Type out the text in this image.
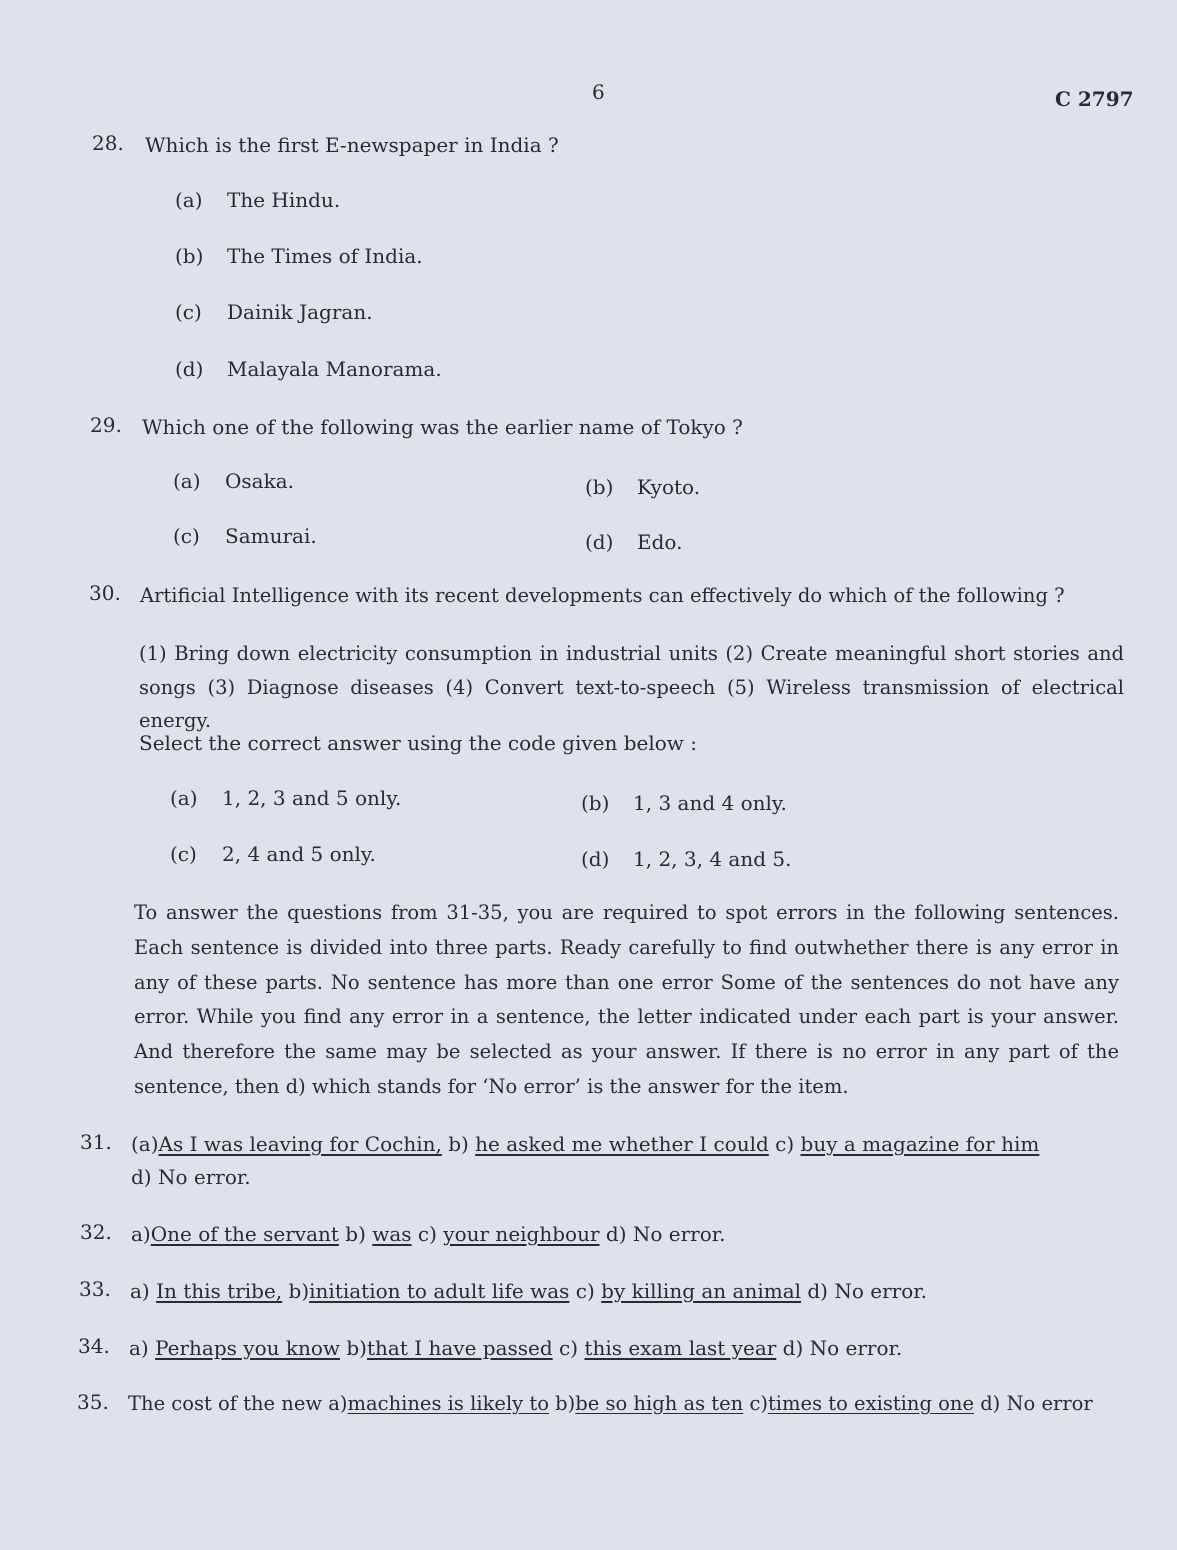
6	C 2797
28. Which is the first E-newspaper in India ?
(a) The Hindu.
(b) The Times of India.
(c) Dainik Jagran.
(d) Malayala Manorama.
29. Which one of the following was the earlier name of Tokyo ?
(a) Osaka.	(b) Kyoto.
(c) Samurai.	(d) Edo.
30. Artificial Intelligence with its recent developments can effectively do which of the following ?
(1) Bring down electricity consumption in industrial units (2) Create meaningful short stories and songs (3) Diagnose diseases (4) Convert text-to-speech (5) Wireless transmission of electrical energy.
Select the correct answer using the code given below :
(a) 1, 2, 3 and 5 only.	(b) 1, 3 and 4 only.
(c) 2, 4 and 5 only.	(d) 1, 2, 3, 4 and 5.
To answer the questions from 31-35, you are required to spot errors in the following sentences. Each sentence is divided into three parts. Ready carefully to find outwhether there is any error in any of these parts. No sentence has more than one error Some of the sentences do not have any error. While you find any error in a sentence, the letter indicated under each part is your answer. And therefore the same may be selected as your answer. If there is no error in any part of the sentence, then d) which stands for ‘No error’ is the answer for the item.
31. (a)As I was leaving for Cochin, b) he asked me whether I could c) buy a magazine for him
d) No error.
32. a)One of the servant b) was c) your neighbour d) No error.
33. a) In this tribe, b)initiation to adult life was c) by killing an animal d) No error.
34. a) Perhaps you know b)that I have passed c) this exam last year d) No error.
35. The cost of the new a)machines is likely to b)be so high as ten c)times to existing one d) No error
